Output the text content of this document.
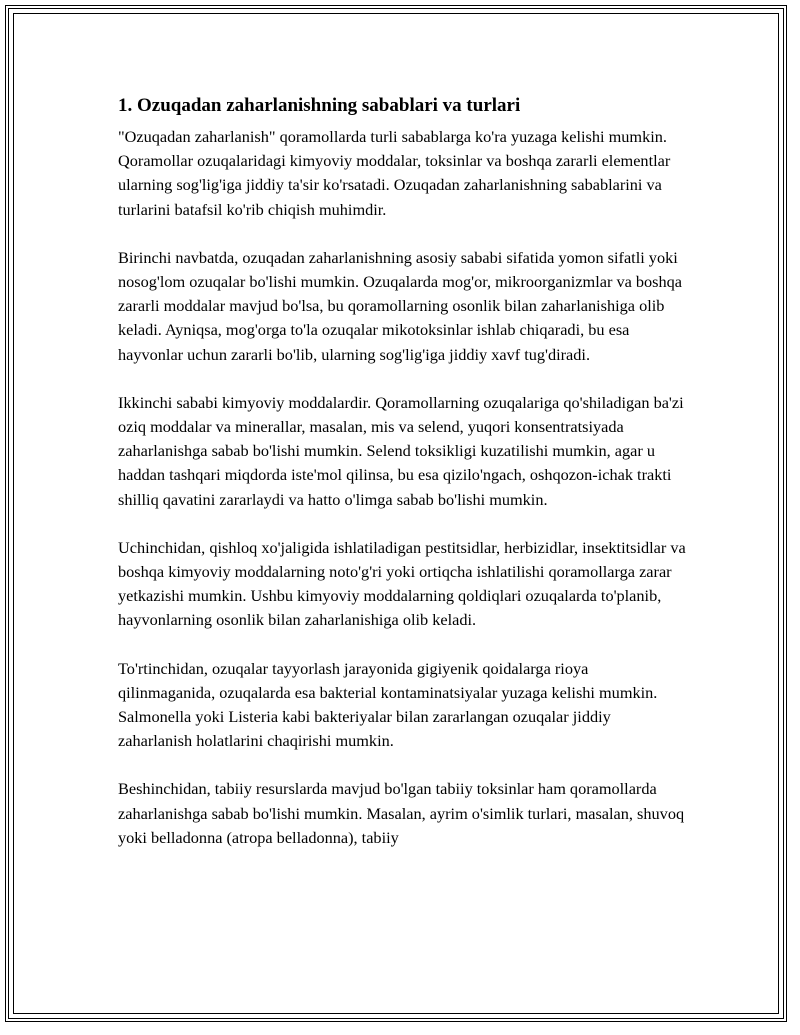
1. Ozuqadan zaharlanishning sabablari va turlari

"Ozuqadan zaharlanish" qoramollarda turli sabablarga ko'ra yuzaga kelishi mumkin. Qoramollar ozuqalaridagi kimyoviy moddalar, toksinlar va boshqa zararli elementlar ularning sog'lig'iga jiddiy ta'sir ko'rsatadi. Ozuqadan zaharlanishning sabablarini va turlarini batafsil ko'rib chiqish muhimdir.

Birinchi navbatda, ozuqadan zaharlanishning asosiy sababi sifatida yomon sifatli yoki nosog'lom ozuqalar bo'lishi mumkin. Ozuqalarda mog'or, mikroorganizmlar va boshqa zararli moddalar mavjud bo'lsa, bu qoramollarning osonlik bilan zaharlanishiga olib keladi. Ayniqsa, mog'orga to'la ozuqalar mikotoksinlar ishlab chiqaradi, bu esa hayvonlar uchun zararli bo'lib, ularning sog'lig'iga jiddiy xavf tug'diradi.

Ikkinchi sababi kimyoviy moddalardir. Qoramollarning ozuqalariga qo'shiladigan ba'zi oziq moddalar va minerallar, masalan, mis va selend, yuqori konsentratsiyada zaharlanishga sabab bo'lishi mumkin. Selend toksikligi kuzatilishi mumkin, agar u haddan tashqari miqdorda iste'mol qilinsa, bu esa qizilo'ngach, oshqozon-ichak trakti shilliq qavatini zararlaydi va hatto o'limga sabab bo'lishi mumkin.

Uchinchidan, qishloq xo'jaligida ishlatiladigan pestitsidlar, herbizidlar, insektitsidlar va boshqa kimyoviy moddalarning noto'g'ri yoki ortiqcha ishlatilishi qoramollarga zarar yetkazishi mumkin. Ushbu kimyoviy moddalarning qoldiqlari ozuqalarda to'planib, hayvonlarning osonlik bilan zaharlanishiga olib keladi.

To'rtinchidan, ozuqalar tayyorlash jarayonida gigiyenik qoidalarga rioya qilinmaganida, ozuqalarda esa bakterial kontaminatsiyalar yuzaga kelishi mumkin. Salmonella yoki Listeria kabi bakteriyalar bilan zararlangan ozuqalar jiddiy zaharlanish holatlarini chaqirishi mumkin.

Beshinchidan, tabiiy resurslarda mavjud bo'lgan tabiiy toksinlar ham qoramollarda zaharlanishga sabab bo'lishi mumkin. Masalan, ayrim o'simlik turlari, masalan, shuvoq yoki belladonna (atropa belladonna), tabiiy
